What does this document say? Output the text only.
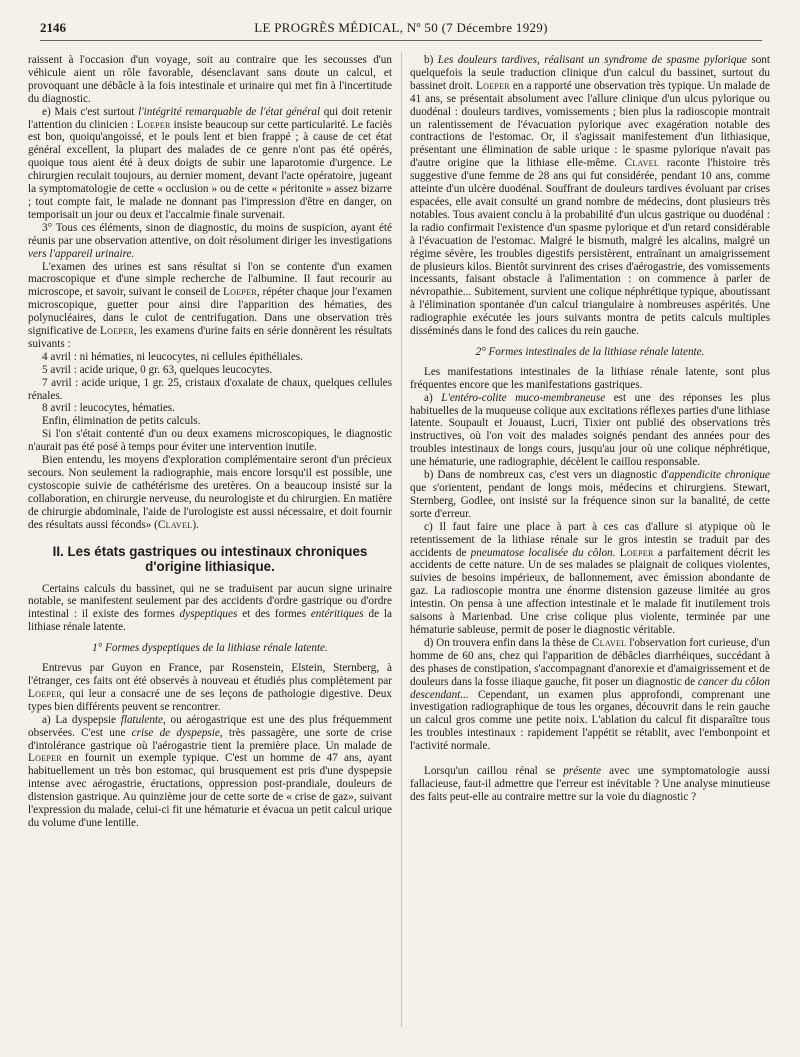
2146	LE PROGRÈS MÉDICAL, Nº 50 (7 Décembre 1929)

raissent à l'occasion d'un voyage, soit au contraire que les secousses d'un véhicule aient un rôle favorable, désenclavant sans doute un calcul, et provoquant une débâcle à la fois intestinale et urinaire qui met fin à l'incertitude du diagnostic.

e) Mais c'est surtout l'intégrité remarquable de l'état général qui doit retenir l'attention du clinicien : Loeper insiste beaucoup sur cette particularité. Le faciès est bon, quoiqu'angoissé, et le pouls lent et bien frappé ; à cause de cet état général excellent, la plupart des malades de ce genre n'ont pas été opérés, quoique tous aient été à deux doigts de subir une laparotomie d'urgence. Le chirurgien reculait toujours, au dernier moment, devant l'acte opératoire, jugeant la symptomatologie de cette « occlusion » ou de cette « péritonite » assez bizarre ; tout compte fait, le malade ne donnant pas l'impression d'être en danger, on temporisait un jour ou deux et l'accalmie finale survenait.

3° Tous ces éléments, sinon de diagnostic, du moins de suspicion, ayant été réunis par une observation attentive, on doit résolument diriger les investigations vers l'appareil urinaire.

L'examen des urines est sans résultat si l'on se contente d'un examen macroscopique et d'une simple recherche de l'albumine. Il faut recourir au microscope, et savoir, suivant le conseil de Loeper, répéter chaque jour l'examen microscopique, guetter pour ainsi dire l'apparition des hématies, des polynucléaires, dans le culot de centrifugation. Dans une observation très significative de Loeper, les examens d'urine faits en série donnèrent les résultats suivants :

4 avril : ni hématies, ni leucocytes, ni cellules épithéliales.

5 avril : acide urique, 0 gr. 63, quelques leucocytes.

7 avril : acide urique, 1 gr. 25, cristaux d'oxalate de chaux, quelques cellules rénales.

8 avril : leucocytes, hématies.

Enfin, élimination de petits calculs.

Si l'on s'était contenté d'un ou deux examens microscopiques, le diagnostic n'aurait pas été posé à temps pour éviter une intervention inutile.

Bien entendu, les moyens d'exploration complémentaire seront d'un précieux secours. Non seulement la radiographie, mais encore lorsqu'il est possible, une cystoscopie suivie de cathétérisme des uretères. On a beaucoup insisté sur la collaboration, en chirurgie nerveuse, du neurologiste et du chirurgien. En matière de chirurgie abdominale, l'aide de l'urologiste est aussi nécessaire, et doit fournir des résultats aussi féconds» (Clavel).

II. Les états gastriques ou intestinaux chroniques d'origine lithiasique.

Certains calculs du bassinet, qui ne se traduisent par aucun signe urinaire notable, se manifestent seulement par des accidents d'ordre gastrique ou d'ordre intestinal : il existe des formes dyspeptiques et des formes entéritiques de la lithiase rénale latente.

1° Formes dyspeptiques de la lithiase rénale latente.

Entrevus par Guyon en France, par Rosenstein, Elstein, Sternberg, à l'étranger, ces faits ont été observés à nouveau et étudiés plus complètement par Loeper, qui leur a consacré une de ses leçons de pathologie digestive. Deux types bien différents peuvent se rencontrer.

a) La dyspepsie flatulente, ou aérogastrique est une des plus fréquemment observées. C'est une crise de dyspepsie, très passagère, une sorte de crise d'intolérance gastrique où l'aérogastrie tient la première place. Un malade de Loeper en fournit un exemple typique. C'est un homme de 47 ans, ayant habituellement un très bon estomac, qui brusquement est pris d'une dyspepsie intense avec aérogastrie, éructations, oppression post-prandiale, douleurs de distension gastrique. Au quinzième jour de cette sorte de « crise de gaz», suivant l'expression du malade, celui-ci fit une hématurie et évacua un petit calcul urique du volume d'une lentille.

b) Les douleurs tardives, réalisant un syndrome de spasme pylorique sont quelquefois la seule traduction clinique d'un calcul du bassinet, surtout du bassinet droit. Loeper en a rapporté une observation très typique. Un malade de 41 ans, se présentait absolument avec l'allure clinique d'un ulcus pylorique ou duodénal : douleurs tardives, vomissements ; bien plus la radioscopie montrait un ralentissement de l'évacuation pylorique avec exagération notable des contractions de l'estomac. Or, il s'agissait manifestement d'un lithiasique, présentant une élimination de sable urique : le spasme pylorique n'avait pas d'autre origine que la lithiase elle-même. Clavel raconte l'histoire très suggestive d'une femme de 28 ans qui fut considérée, pendant 10 ans, comme atteinte d'un ulcère duodénal. Souffrant de douleurs tardives évoluant par crises espacées, elle avait consulté un grand nombre de médecins, dont plusieurs très notables. Tous avaient conclu à la probabilité d'un ulcus gastrique ou duodénal : la radio confirmait l'existence d'un spasme pylorique et d'un retard considérable à l'évacuation de l'estomac. Malgré le bismuth, malgré les alcalins, malgré un régime sévère, les troubles digestifs persistèrent, entraînant un amaigrissement de plusieurs kilos. Bientôt survinrent des crises d'aérogastrie, des vomissements incessants, faisant obstacle à l'alimentation : on commence à parler de névropathie... Subitement, survient une colique néphrétique typique, aboutissant à l'élimination spontanée d'un calcul triangulaire à nombreuses aspérités. Une radiographie exécutée les jours suivants montra de petits calculs multiples disséminés dans le fond des calices du rein gauche.

2° Formes intestinales de la lithiase rénale latente.

Les manifestations intestinales de la lithiase rénale latente, sont plus fréquentes encore que les manifestations gastriques.

a) L'entéro-colite muco-membraneuse est une des réponses les plus habituelles de la muqueuse colique aux excitations réflexes parties d'une lithiase latente. Soupault et Jouaust, Lucri, Tixier ont publié des observations très instructives, où l'on voit des malades soignés pendant des années pour des troubles intestinaux de longs cours, jusqu'au jour où une colique néphrétique, une hématurie, une radiographie, décèlent le caillou responsable.

b) Dans de nombreux cas, c'est vers un diagnostic d'appendicite chronique que s'orientent, pendant de longs mois, médecins et chirurgiens. Stewart, Sternberg, Godlee, ont insisté sur la fréquence sinon sur la banalité, de cette sorte d'erreur.

c) Il faut faire une place à part à ces cas d'allure si atypique où le retentissement de la lithiase rénale sur le gros intestin se traduit par des accidents de pneumatose localisée du côlon. Loeper a parfaitement décrit les accidents de cette nature. Un de ses malades se plaignait de coliques violentes, suivies de besoins impérieux, de ballonnement, avec émission abondante de gaz. La radioscopie montra une énorme distension gazeuse limitée au gros intestin. On pensa à une affection intestinale et le malade fit inutilement trois saisons à Marienbad. Une crise colique plus violente, terminée par une hématurie sableuse, permit de poser le diagnostic véritable.

d) On trouvera enfin dans la thèse de Clavel l'observation fort curieuse, d'un homme de 60 ans, chez qui l'apparition de débâcles diarrhéiques, succédant à des phases de constipation, s'accompagnant d'anorexie et d'amaigrissement et de douleurs dans la fosse iliaque gauche, fit poser un diagnostic de cancer du côlon descendant... Cependant, un examen plus approfondi, comprenant une investigation radiographique de tous les organes, découvrit dans le rein gauche un calcul gros comme une petite noix. L'ablation du calcul fit disparaître tous les troubles intestinaux : rapidement l'appétit se rétablit, avec l'embonpoint et l'activité normale.

Lorsqu'un caillou rénal se présente avec une symptomatologie aussi fallacieuse, faut-il admettre que l'erreur est inévitable ? Une analyse minutieuse des faits peut-elle au contraire mettre sur la voie du diagnostic ?
